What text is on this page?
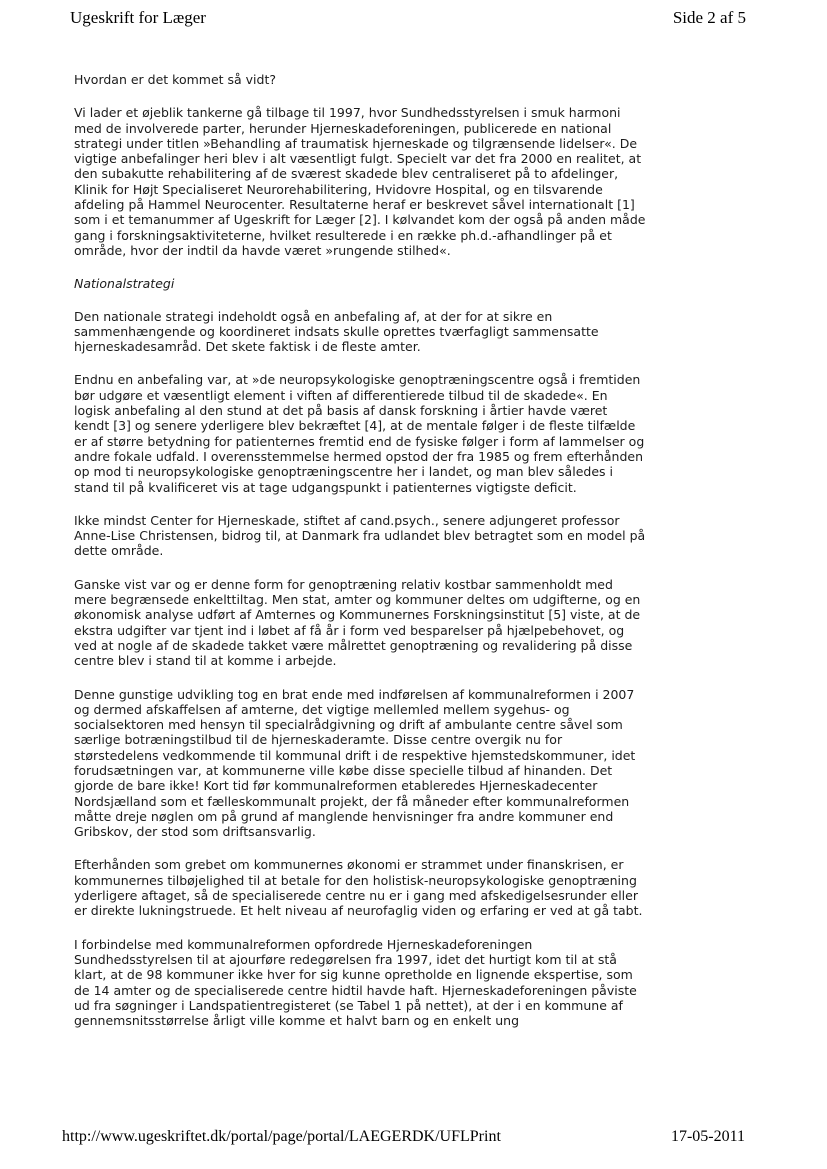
Ugeskrift for Læger	Side 2 af 5

Hvordan er det kommet så vidt?

Vi lader et øjeblik tankerne gå tilbage til 1997, hvor Sundhedsstyrelsen i smuk harmoni med de involverede parter, herunder Hjerneskadeforeningen, publicerede en national strategi under titlen »Behandling af traumatisk hjerneskade og tilgrænsende lidelser«. De vigtige anbefalinger heri blev i alt væsentligt fulgt. Specielt var det fra 2000 en realitet, at den subakutte rehabilitering af de sværest skadede blev centraliseret på to afdelinger, Klinik for Højt Specialiseret Neurorehabilitering, Hvidovre Hospital, og en tilsvarende afdeling på Hammel Neurocenter. Resultaterne heraf er beskrevet såvel internationalt [1] som i et temanummer af Ugeskrift for Læger [2]. I kølvandet kom der også på anden måde gang i forskningsaktiviteterne, hvilket resulterede i en række ph.d.-afhandlinger på et område, hvor der indtil da havde været »rungende stilhed«.

Nationalstrategi

Den nationale strategi indeholdt også en anbefaling af, at der for at sikre en sammenhængende og koordineret indsats skulle oprettes tværfagligt sammensatte hjerneskadesamråd. Det skete faktisk i de fleste amter.

Endnu en anbefaling var, at »de neuropsykologiske genoptræningscentre også i fremtiden bør udgøre et væsentligt element i viften af differentierede tilbud til de skadede«. En logisk anbefaling al den stund at det på basis af dansk forskning i årtier havde været kendt [3] og senere yderligere blev bekræftet [4], at de mentale følger i de fleste tilfælde er af større betydning for patienternes fremtid end de fysiske følger i form af lammelser og andre fokale udfald. I overensstemmelse hermed opstod der fra 1985 og frem efterhånden op mod ti neuropsykologiske genoptræningscentre her i landet, og man blev således i stand til på kvalificeret vis at tage udgangspunkt i patienternes vigtigste deficit.

Ikke mindst Center for Hjerneskade, stiftet af cand.psych., senere adjungeret professor Anne-Lise Christensen, bidrog til, at Danmark fra udlandet blev betragtet som en model på dette område.

Ganske vist var og er denne form for genoptræning relativ kostbar sammenholdt med mere begrænsede enkelttiltag. Men stat, amter og kommuner deltes om udgifterne, og en økonomisk analyse udført af Amternes og Kommunernes Forskningsinstitut [5] viste, at de ekstra udgifter var tjent ind i løbet af få år i form ved besparelser på hjælpebehovet, og ved at nogle af de skadede takket være målrettet genoptræning og revalidering på disse centre blev i stand til at komme i arbejde.

Denne gunstige udvikling tog en brat ende med indførelsen af kommunalreformen i 2007 og dermed afskaffelsen af amterne, det vigtige mellemled mellem sygehus- og socialsektoren med hensyn til specialrådgivning og drift af ambulante centre såvel som særlige botræningstilbud til de hjerneskaderamte. Disse centre overgik nu for størstedelens vedkommende til kommunal drift i de respektive hjemstedskommuner, idet forudsætningen var, at kommunerne ville købe disse specielle tilbud af hinanden. Det gjorde de bare ikke! Kort tid før kommunalreformen etableredes Hjerneskadecenter Nordsjælland som et fælleskommunalt projekt, der få måneder efter kommunalreformen måtte dreje nøglen om på grund af manglende henvisninger fra andre kommuner end Gribskov, der stod som driftsansvarlig.

Efterhånden som grebet om kommunernes økonomi er strammet under finanskrisen, er kommunernes tilbøjelighed til at betale for den holistisk-neuropsykologiske genoptræning yderligere aftaget, så de specialiserede centre nu er i gang med afskedigelsesrunder eller er direkte lukningstruede. Et helt niveau af neurofaglig viden og erfaring er ved at gå tabt.

I forbindelse med kommunalreformen opfordrede Hjerneskadeforeningen Sundhedsstyrelsen til at ajourføre redegørelsen fra 1997, idet det hurtigt kom til at stå klart, at de 98 kommuner ikke hver for sig kunne opretholde en lignende ekspertise, som de 14 amter og de specialiserede centre hidtil havde haft. Hjerneskadeforeningen påviste ud fra søgninger i Landspatientregisteret (se Tabel 1 på nettet), at der i en kommune af gennemsnitsstørrelse årligt ville komme et halvt barn og en enkelt ung

http://www.ugeskriftet.dk/portal/page/portal/LAEGERDK/UFLPrint	17-05-2011
